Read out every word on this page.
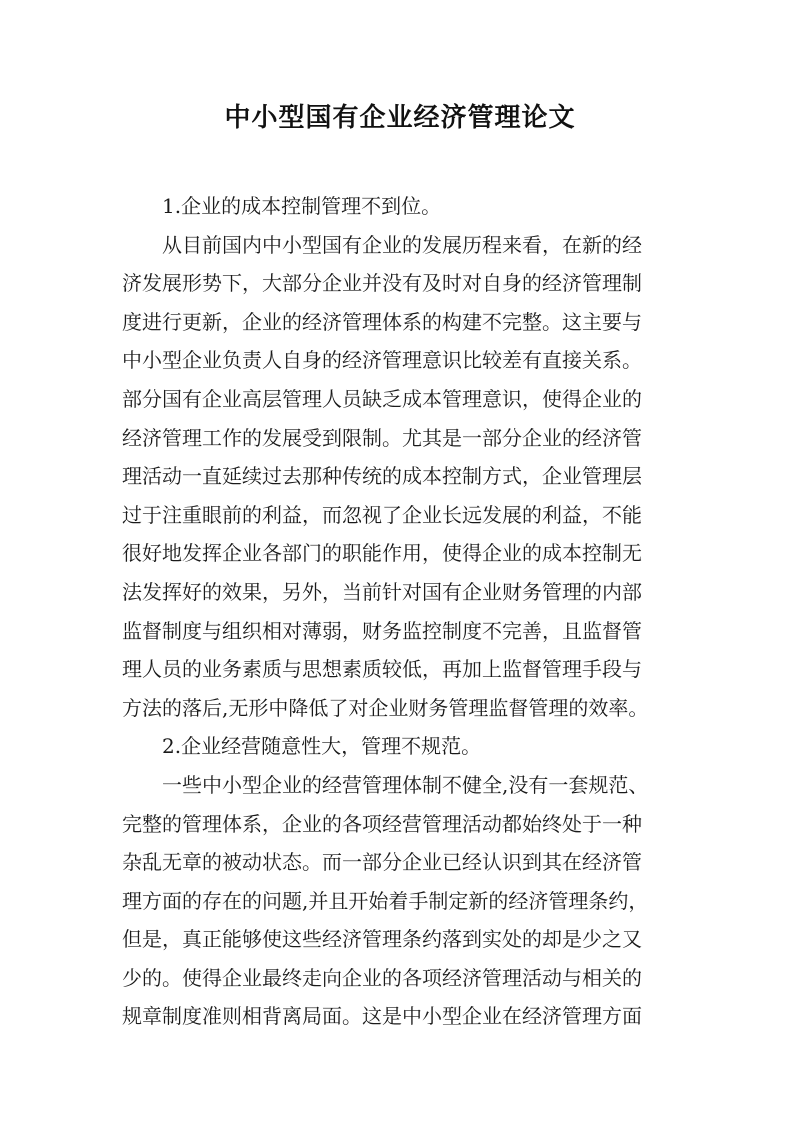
中小型国有企业经济管理论文
1.企业的成本控制管理不到位。
从目前国内中小型国有企业的发展历程来看，在新的经
济发展形势下，大部分企业并没有及时对自身的经济管理制
度进行更新，企业的经济管理体系的构建不完整。这主要与
中小型企业负责人自身的经济管理意识比较差有直接关系。
部分国有企业高层管理人员缺乏成本管理意识，使得企业的
经济管理工作的发展受到限制。尤其是一部分企业的经济管
理活动一直延续过去那种传统的成本控制方式，企业管理层
过于注重眼前的利益，而忽视了企业长远发展的利益，不能
很好地发挥企业各部门的职能作用，使得企业的成本控制无
法发挥好的效果，另外，当前针对国有企业财务管理的内部
监督制度与组织相对薄弱，财务监控制度不完善，且监督管
理人员的业务素质与思想素质较低，再加上监督管理手段与
方法的落后,无形中降低了对企业财务管理监督管理的效率。
2.企业经营随意性大，管理不规范。
一些中小型企业的经营管理体制不健全,没有一套规范、
完整的管理体系，企业的各项经营管理活动都始终处于一种
杂乱无章的被动状态。而一部分企业已经认识到其在经济管
理方面的存在的问题,并且开始着手制定新的经济管理条约，
但是，真正能够使这些经济管理条约落到实处的却是少之又
少的。使得企业最终走向企业的各项经济管理活动与相关的
规章制度准则相背离局面。这是中小型企业在经济管理方面
